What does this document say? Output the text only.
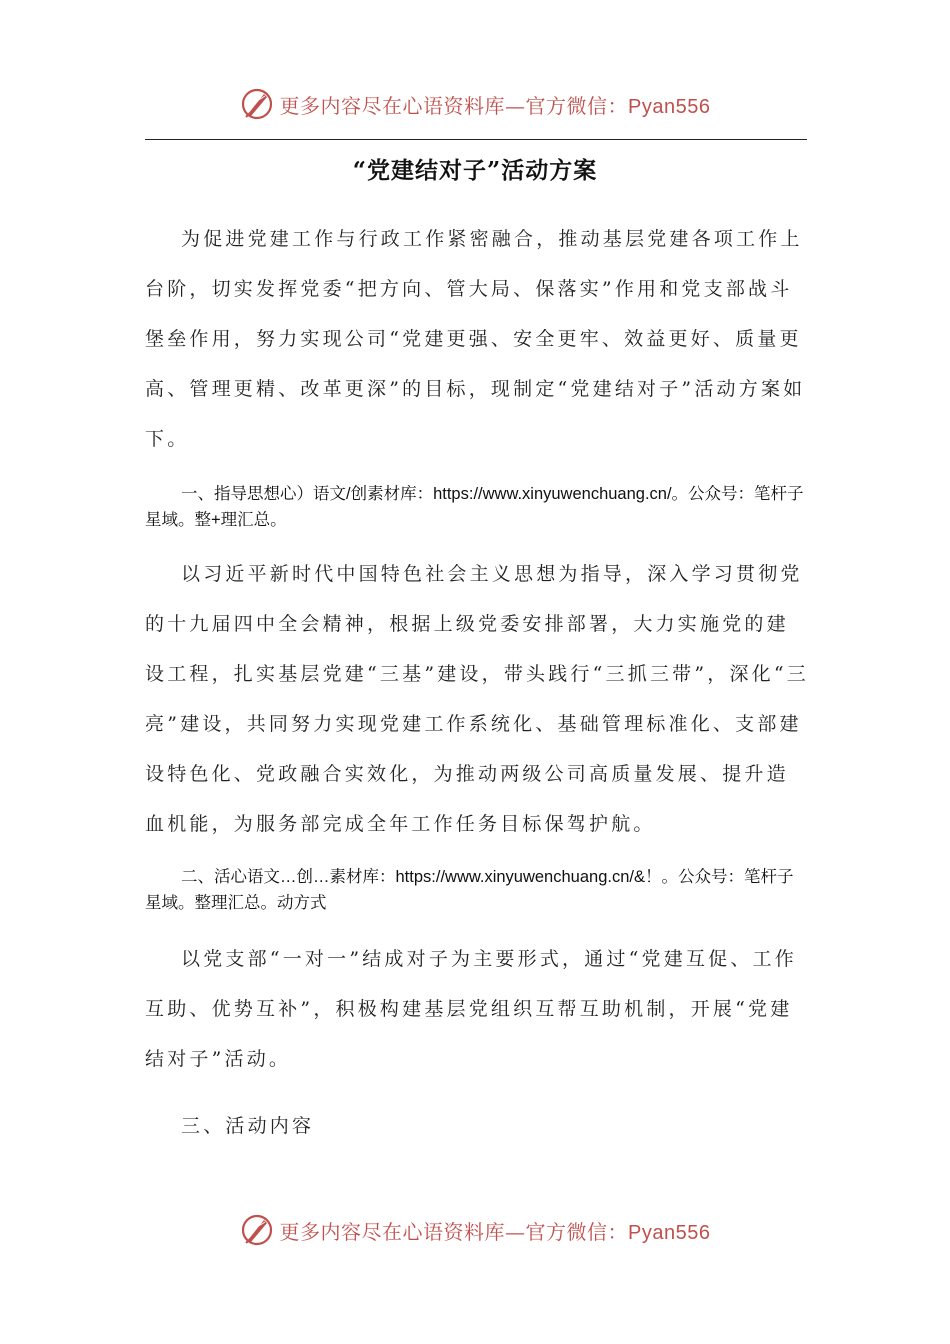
更多内容尽在心语资料库—官方微信：Pyan556
“党建结对子”活动方案

为促进党建工作与行政工作紧密融合，推动基层党建各项工作上台阶，切实发挥党委“把方向、管大局、保落实”作用和党支部战斗堡垒作用，努力实现公司“党建更强、安全更牢、效益更好、质量更高、管理更精、改革更深”的目标，现制定“党建结对子”活动方案如下。

一、指导思想心）语文/创素材库：https://www.xinyuwenchuang.cn/。公众号：笔杆子星域。整+理汇总。

以习近平新时代中国特色社会主义思想为指导，深入学习贯彻党的十九届四中全会精神，根据上级党委安排部署，大力实施党的建设工程，扎实基层党建“三基”建设，带头践行“三抓三带”，深化“三亮”建设，共同努力实现党建工作系统化、基础管理标准化、支部建设特色化、党政融合实效化，为推动两级公司高质量发展、提升造血机能，为服务部完成全年工作任务目标保驾护航。

二、活心语文…创…素材库：https://www.xinyuwenchuang.cn/&！。公众号：笔杆子星域。整理汇总。动方式

以党支部“一对一”结成对子为主要形式，通过“党建互促、工作互助、优势互补”，积极构建基层党组织互帮互助机制，开展“党建结对子”活动。

三、活动内容

更多内容尽在心语资料库—官方微信：Pyan556
